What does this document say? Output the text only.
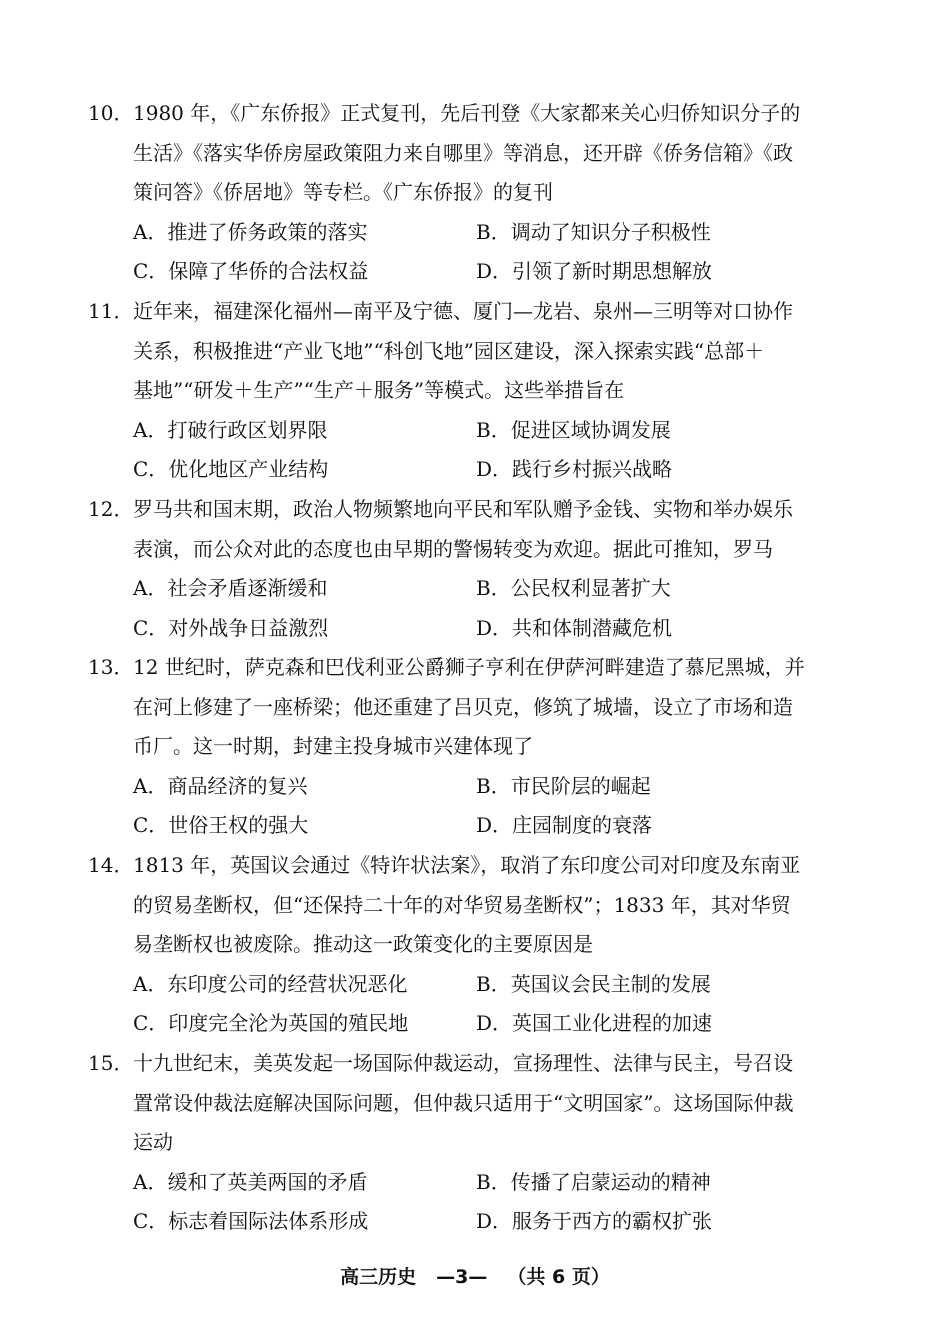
10． 1980 年，《广东侨报》正式复刊，先后刊登《大家都来关心归侨知识分子的
生活》《落实华侨房屋政策阻力来自哪里》等消息，还开辟《侨务信箱》《政
策问答》《侨居地》等专栏。《广东侨报》的复刊
A．推进了侨务政策的落实	B．调动了知识分子积极性
C．保障了华侨的合法权益	D．引领了新时期思想解放
11． 近年来，福建深化福州—南平及宁德、厦门—龙岩、泉州—三明等对口协作
关系，积极推进“产业飞地”“科创飞地”园区建设，深入探索实践“总部＋
基地”“研发＋生产”“生产＋服务”等模式。这些举措旨在
A．打破行政区划界限	B．促进区域协调发展
C．优化地区产业结构	D．践行乡村振兴战略
12． 罗马共和国末期，政治人物频繁地向平民和军队赠予金钱、实物和举办娱乐
表演，而公众对此的态度也由早期的警惕转变为欢迎。据此可推知，罗马
A．社会矛盾逐渐缓和	B．公民权利显著扩大
C．对外战争日益激烈	D．共和体制潜藏危机
13． 12 世纪时，萨克森和巴伐利亚公爵狮子亨利在伊萨河畔建造了慕尼黑城，并
在河上修建了一座桥梁；他还重建了吕贝克，修筑了城墙，设立了市场和造
币厂。这一时期，封建主投身城市兴建体现了
A．商品经济的复兴	B．市民阶层的崛起
C．世俗王权的强大	D．庄园制度的衰落
14． 1813 年，英国议会通过《特许状法案》，取消了东印度公司对印度及东南亚
的贸易垄断权，但“还保持二十年的对华贸易垄断权”；1833 年，其对华贸
易垄断权也被废除。推动这一政策变化的主要原因是
A．东印度公司的经营状况恶化	B．英国议会民主制的发展
C．印度完全沦为英国的殖民地	D．英国工业化进程的加速
15． 十九世纪末，美英发起一场国际仲裁运动，宣扬理性、法律与民主，号召设
置常设仲裁法庭解决国际问题，但仲裁只适用于“文明国家”。这场国际仲裁
运动
A．缓和了英美两国的矛盾	B．传播了启蒙运动的精神
C．标志着国际法体系形成	D．服务于西方的霸权扩张
高三历史 —3— （共 6 页）
